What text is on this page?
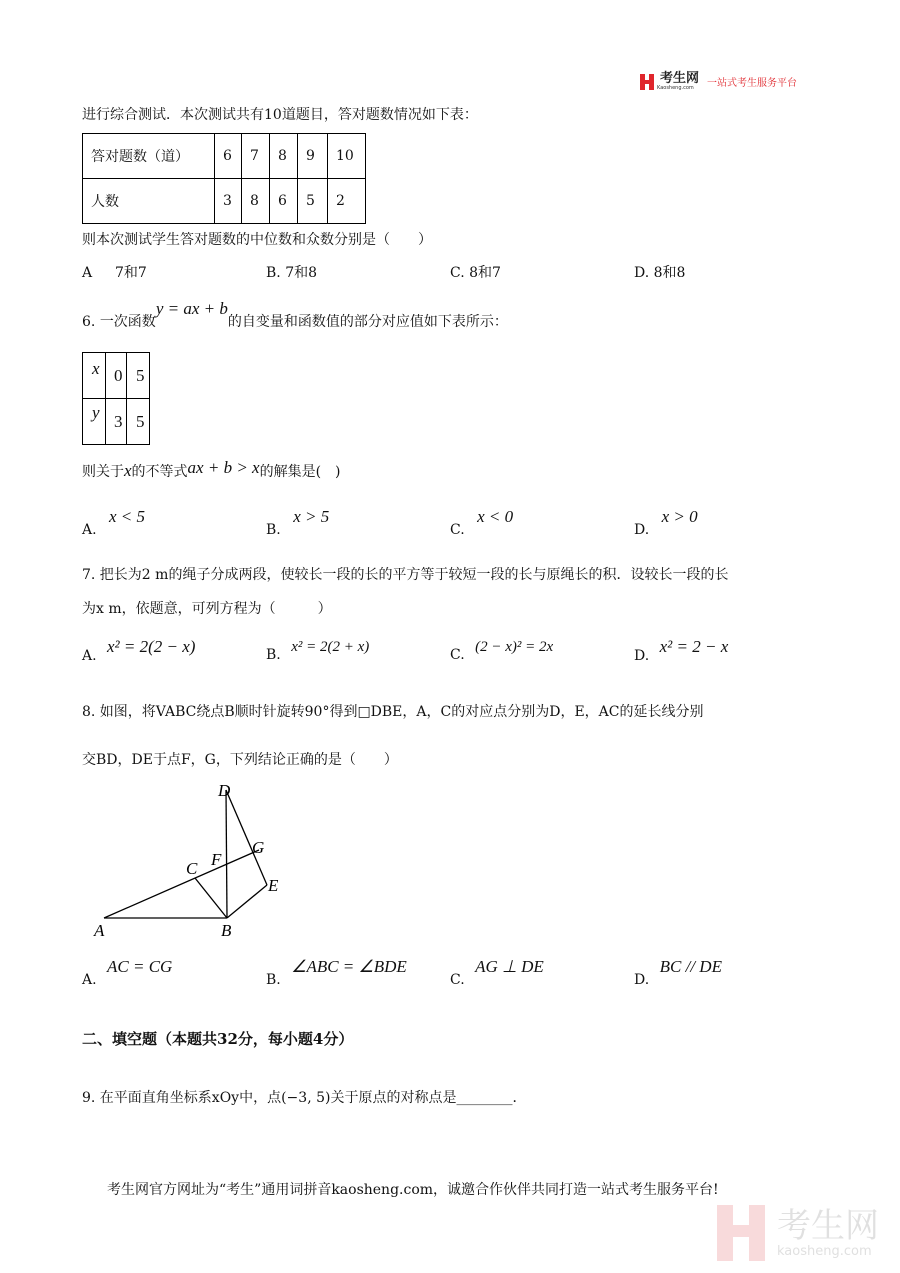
考生网
Kaosheng.com	一站式考生服务平台
进行综合测试．本次测试共有10道题目，答对题数情况如下表：
答对题数（道）	6	7	8	9	10
人数	3	8	6	5	2
则本次测试学生答对题数的中位数和众数分别是（　　）
A 　 7和7	B. 7和8	C. 8和7	D. 8和8
6. 一次函数y = ax + b的自变量和函数值的部分对应值如下表所示：
x	0	5
y	3	5
则关于x的不等式ax + b > x的解集是(　)
A. x < 5
B. x > 5
C. x < 0
D. x > 0
7. 把长为2 m的绳子分成两段，使较长一段的长的平方等于较短一段的长与原绳长的积．设较长一段的长
为x m，依题意，可列方程为（　　　）
A. x² = 2(2 − x)	B. x² = 2(2 + x)	C. (2 − x)² = 2x
D. x² = 2 − x
8. 如图，将VABC绕点B顺时针旋转90°得到□DBE，A，C的对应点分别为D，E，AC的延长线分别
交BD，DE于点F，G，下列结论正确的是（　　）
A	B
C
D
E
F
G
A. AC = CG
B. ∠ABC = ∠BDE
C. AG ⊥ DE
D. BC // DE
二、填空题（本题共32分，每小题4分）
9. 在平面直角坐标系xOy中，点(−3, 5)关于原点的对称点是________．
考生网官方网址为“考生”通用词拼音kaosheng.com，诚邀合作伙伴共同打造一站式考生服务平台!
考生网
kaosheng.com
